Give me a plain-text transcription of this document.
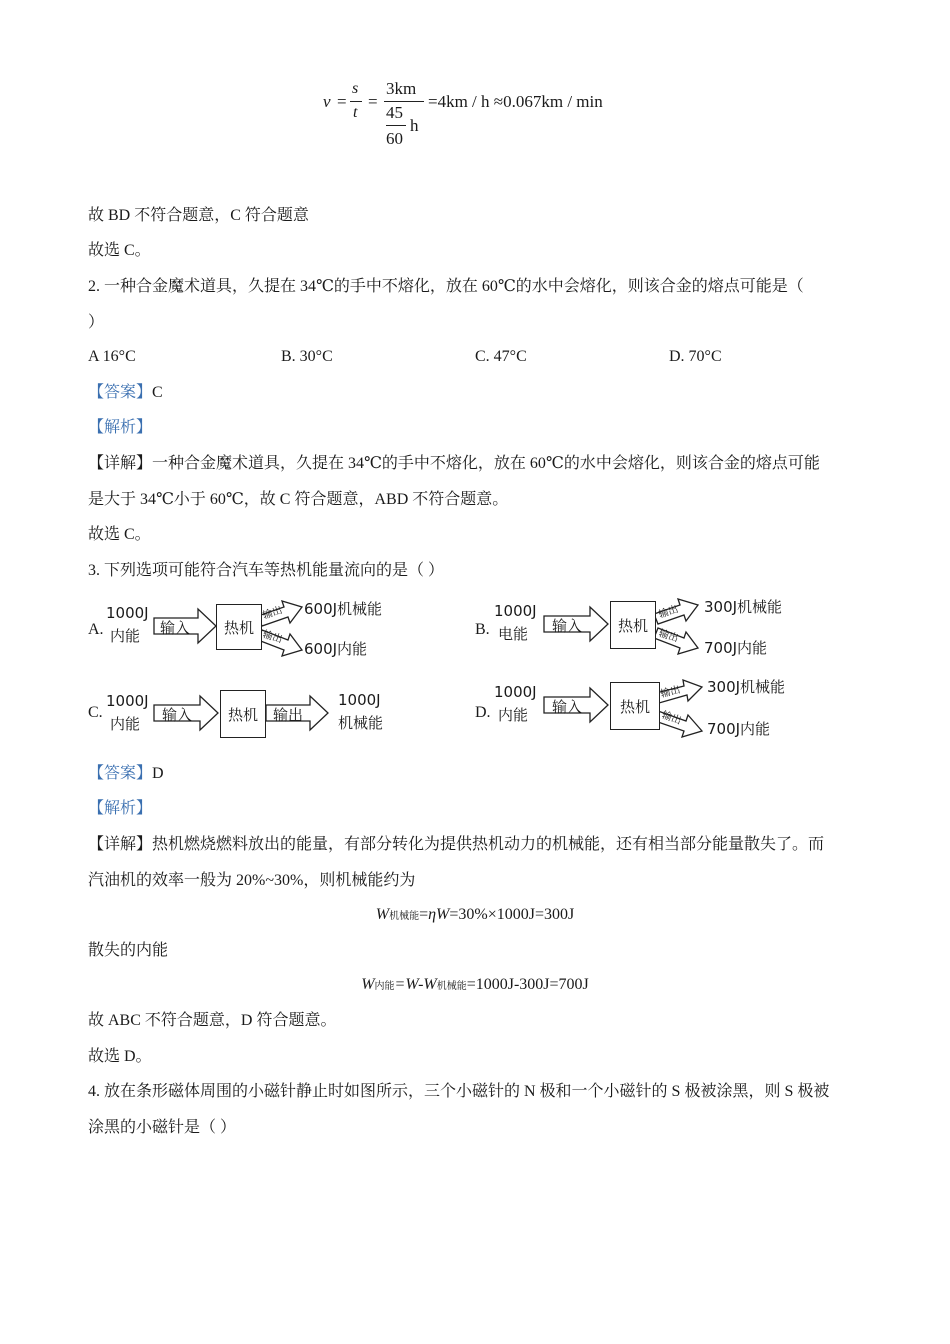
v =
s
t
=
3km
45
60
h
=4km / h ≈0.067km / min
故 BD 不符合题意，C 符合题意
故选 C。
2. 一种合金魔术道具，久提在 34℃的手中不熔化，放在 60℃的水中会熔化，则该合金的熔点可能是（
）
A 16°C	B. 30°C	C. 47°C	D. 70°C
【答案】C
【解析】
【详解】一种合金魔术道具，久提在 34℃的手中不熔化，放在 60℃的水中会熔化，则该合金的熔点可能
是大于 34℃小于 60℃，故 C 符合题意，ABD 不符合题意。
故选 C。
3. 下列选项可能符合汽车等热机能量流向的是（ ）
A.
1000J
内能 输入 热机
输出
输出
600J机械能
600J内能
B.
1000J
电能 输入 热机
输出
输出
300J机械能
700J内能
C.
1000J
内能 输入 热机 输出
1000J
机械能
D.
1000J
内能 输入	热机
输出
输出
300J机械能
700J内能
【答案】D
【解析】
【详解】热机燃烧燃料放出的能量，有部分转化为提供热机动力的机械能，还有相当部分能量散失了。而
汽油机的效率一般为 20%~30%，则机械能约为
W机械能=ηW=30%×1000J=300J
散失的内能
W内能=W-W机械能=1000J-300J=700J
故 ABC 不符合题意，D 符合题意。
故选 D。
4. 放在条形磁体周围的小磁针静止时如图所示，三个小磁针的 N 极和一个小磁针的 S 极被涂黑，则 S 极被
涂黑的小磁针是（ ）
